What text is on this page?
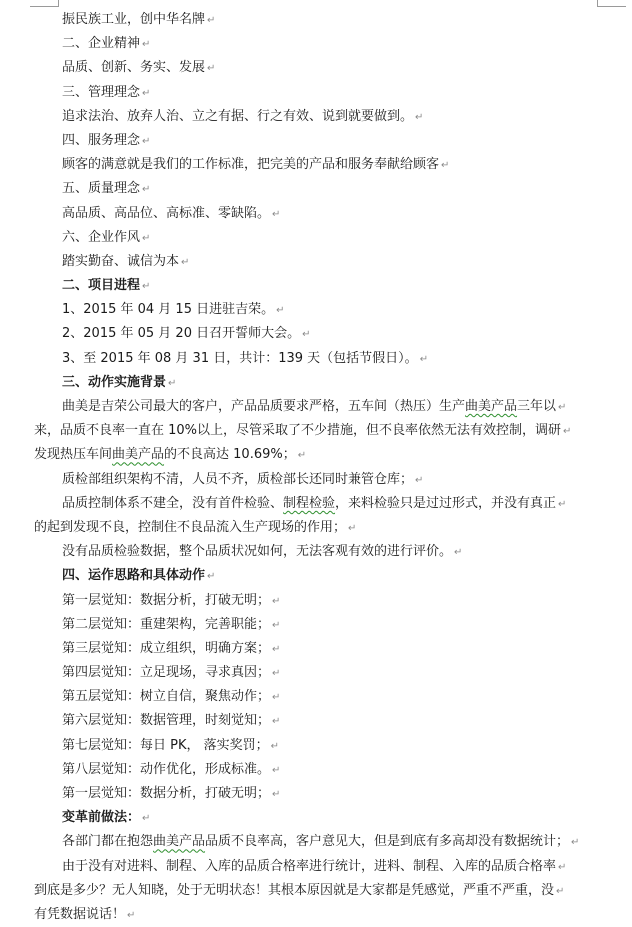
振民族工业，创中华名牌 ↵
二、企业精神 ↵
品质、创新、务实、发展 ↵
三、管理理念 ↵
追求法治、放弃人治、立之有据、行之有效、说到就要做到。 ↵
四、服务理念 ↵
顾客的满意就是我们的工作标准，把完美的产品和服务奉献给顾客 ↵
五、质量理念 ↵
高品质、高品位、高标准、零缺陷。 ↵
六、企业作风 ↵
踏实勤奋、诚信为本 ↵
二、项目进程 ↵
1、2015 年 04 月 15 日进驻吉荣。 ↵
2、2015 年 05 月 20 日召开誓师大会。 ↵
3、至 2015 年 08 月 31 日，共计：139 天（包括节假日）。 ↵
三、动作实施背景 ↵
曲美是吉荣公司最大的客户，产品品质要求严格，五车间（热压）生产曲美产品三年以 ↵
来，品质不良率一直在 10%以上，尽管采取了不少措施，但不良率依然无法有效控制，调研 ↵
发现热压车间曲美产品的不良高达 10.69%； ↵
质检部组织架构不清，人员不齐，质检部长还同时兼管仓库； ↵
品质控制体系不建全，没有首件检验、制程检验，来料检验只是过过形式，并没有真正 ↵
的起到发现不良，控制住不良品流入生产现场的作用； ↵
没有品质检验数据，整个品质状况如何，无法客观有效的进行评价。 ↵
四、运作思路和具体动作 ↵
第一层觉知：数据分析，打破无明； ↵
第二层觉知：重建架构，完善职能； ↵
第三层觉知：成立组织，明确方案； ↵
第四层觉知：立足现场，寻求真因； ↵
第五层觉知：树立自信，聚焦动作； ↵
第六层觉知：数据管理，时刻觉知； ↵
第七层觉知：每日 PK， 落实奖罚； ↵
第八层觉知：动作优化，形成标准。 ↵
第一层觉知：数据分析，打破无明； ↵
变革前做法： ↵
各部门都在抱怨曲美产品品质不良率高，客户意见大，但是到底有多高却没有数据统计； ↵
由于没有对进料、制程、入库的品质合格率进行统计，进料、制程、入库的品质合格率 ↵
到底是多少？无人知晓，处于无明状态！其根本原因就是大家都是凭感觉，严重不严重，没 ↵
有凭数据说话！ ↵
